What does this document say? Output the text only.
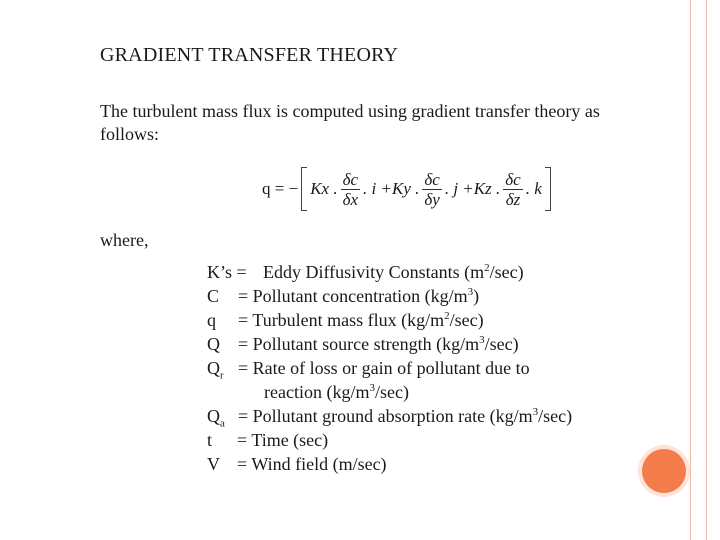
GRADIENT TRANSFER THEORY
The turbulent mass flux is computed using gradient transfer theory as follows:
q = − Kx . $\frac{\delta c}{\delta x}$ . i + Ky . $\frac{\delta c}{\delta y}$ . j + Kz . $\frac{\delta c}{\delta z}$ . k
where,
K’s = Eddy Diffusivity Constants $(m^2/\sec)$
C = Pollutant concentration $(kg/m^3)$
q = Turbulent mass flux $(kg/m^2/\sec)$
Q = Pollutant source strength $(kg/m^3/\sec)$
$Q_r$ = Rate of loss or gain of pollutant due to
reaction $(kg/m^3/\sec)$
$Q_a$ = Pollutant ground absorption rate $(kg/m^3/\sec)$
t = Time (sec)
V = Wind field (m/sec)
